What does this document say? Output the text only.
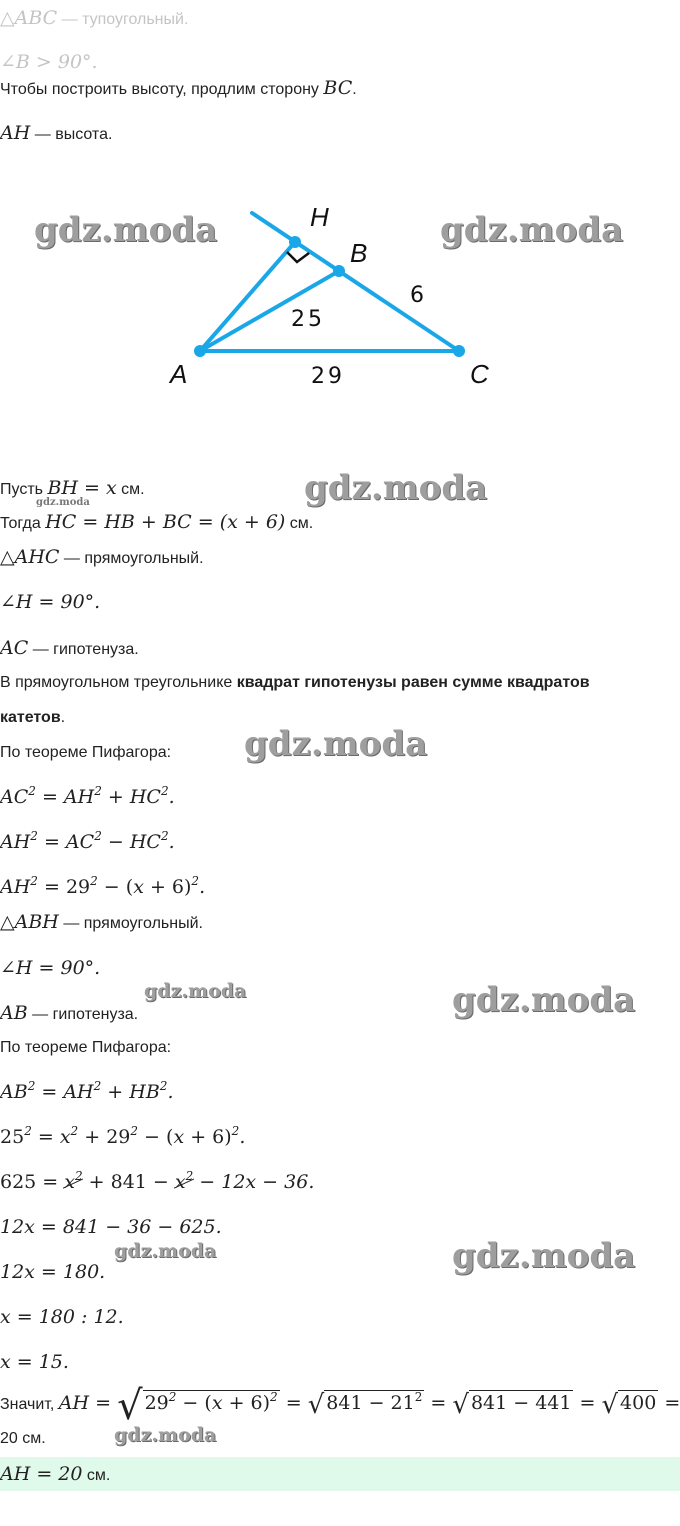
△ABC — тупоугольный.
∠B > 90°.
Чтобы построить высоту, продлим сторону BC.
AH — высота.
H
B
A	C
25
29
6
gdz.moda	gdz.moda
gdz.moda
gdz.moda
gdz.moda
gdz.moda	gdz.moda
gdz.moda	gdz.moda
gdz.moda
Пусть BH = x см.
Тогда HC = HB + BC = (x + 6) см.
△AHC — прямоугольный.
∠H = 90°.
AC — гипотенуза.
В прямоугольном треугольнике квадрат гипотенузы равен сумме квадратов
катетов.
По теореме Пифагора:
$AC^2 = AH^2 + HC^2$.
$AH^2 = AC^2 - HC^2$.
$AH^2 = 29^2 - (x + 6)^2$.
△ABH — прямоугольный.
∠H = 90°.
AB — гипотенуза.
По теореме Пифагора:
$AB^2 = AH^2 + HB^2$.
$25^2 = x^2 + 29^2 - (x + 6)^2$.
$625 = x^2 + 841 - x^2 - 12x - 36$.
12x = 841 − 36 − 625.
12x = 180.
x = 180 : 12.
x = 15.
Значит, AH = √ $29^2 - (x + 6)^2$ = √ $841 - 21^2$ = √ 841 − 441 = √ 400 =
20 см.
AH = 20 см.
